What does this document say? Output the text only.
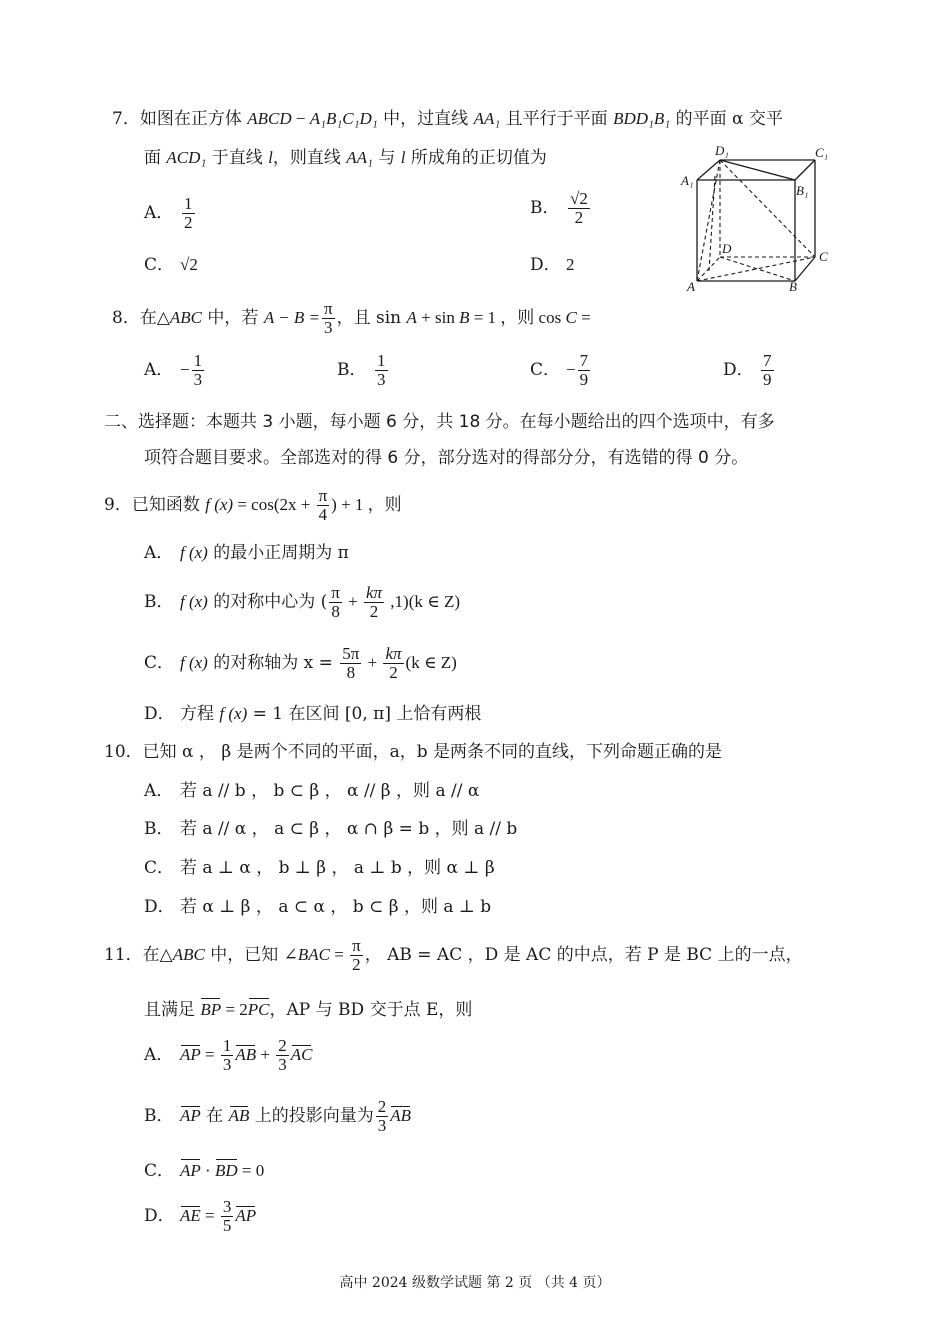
7．如图在正方体 ABCD − A₁B₁C₁D₁ 中，过直线 AA₁ 且平行于平面 BDD₁B₁ 的平面 α 交平
面 ACD₁ 于直线 l，则直线 AA₁ 与 l 所成角的正切值为
A． $\frac{1}{2}$	B． $\frac{√2}{2}$
C． √2	D． 2
D₁	C₁
A₁
B₁
D
C
A	B
8．在△ABC 中，若 $A - B = \frac{\pi}{3}$ ，且 sin A + sin B = 1 ，则 cos C =
A． − $\frac{1}{3}$	B． $\frac{1}{3}$	C． − $\frac{7}{9}$	D． $\frac{7}{9}$
二、选择题：本题共 3 小题，每小题 6 分，共 18 分。在每小题给出的四个选项中，有多
项符合题目要求。全部选对的得 6 分，部分选对的得部分分，有选错的得 0 分。
9．已知函数 f $(x) = \cos(2x + \frac{\pi}{4}$ ) + 1 ，则
A． f (x) 的最小正周期为 π
B． f (x) 的对称中心为 ( $\frac{\pi}{8} + \frac{k\pi}{2} ,1)(k$ ∈ Z)
C． f (x) 的对称轴为 $x = \frac{5\pi}{8} + \frac{k\pi}{2} (k$ ∈ Z)
D． 方程 f (x) = 1 在区间 [0, π] 上恰有两根
10．已知 α ， β 是两个不同的平面，a，b 是两条不同的直线，下列命题正确的是
A． 若 a // b ， b ⊂ β ， α // β ，则 a // α
B． 若 a // α ， a ⊂ β ， α ∩ β = b ，则 a // b
C． 若 a ⊥ α ， b ⊥ β ， a ⊥ b ，则 α ⊥ β
D． 若 α ⊥ β ， a ⊂ α ， b ⊂ β ，则 a ⊥ b
11．在△ABC 中，已知 ∠BAC = $\frac{\pi}{2}$ ， AB = AC ，D 是 AC 的中点，若 P 是 BC 上的一点，
且满足 BP = 2PC，AP 与 BD 交于点 E，则
A． AP = $\frac{1}{3}$ AB + $\frac{2}{3}$ AC
B． AP 在 AB 上的投影向量为 $\frac{2}{3}$ AB
C． AP · BD = 0
D． AE = $\frac{3}{5}$ AP
高中 2024 级数学试题 第 2 页 （共 4 页）
